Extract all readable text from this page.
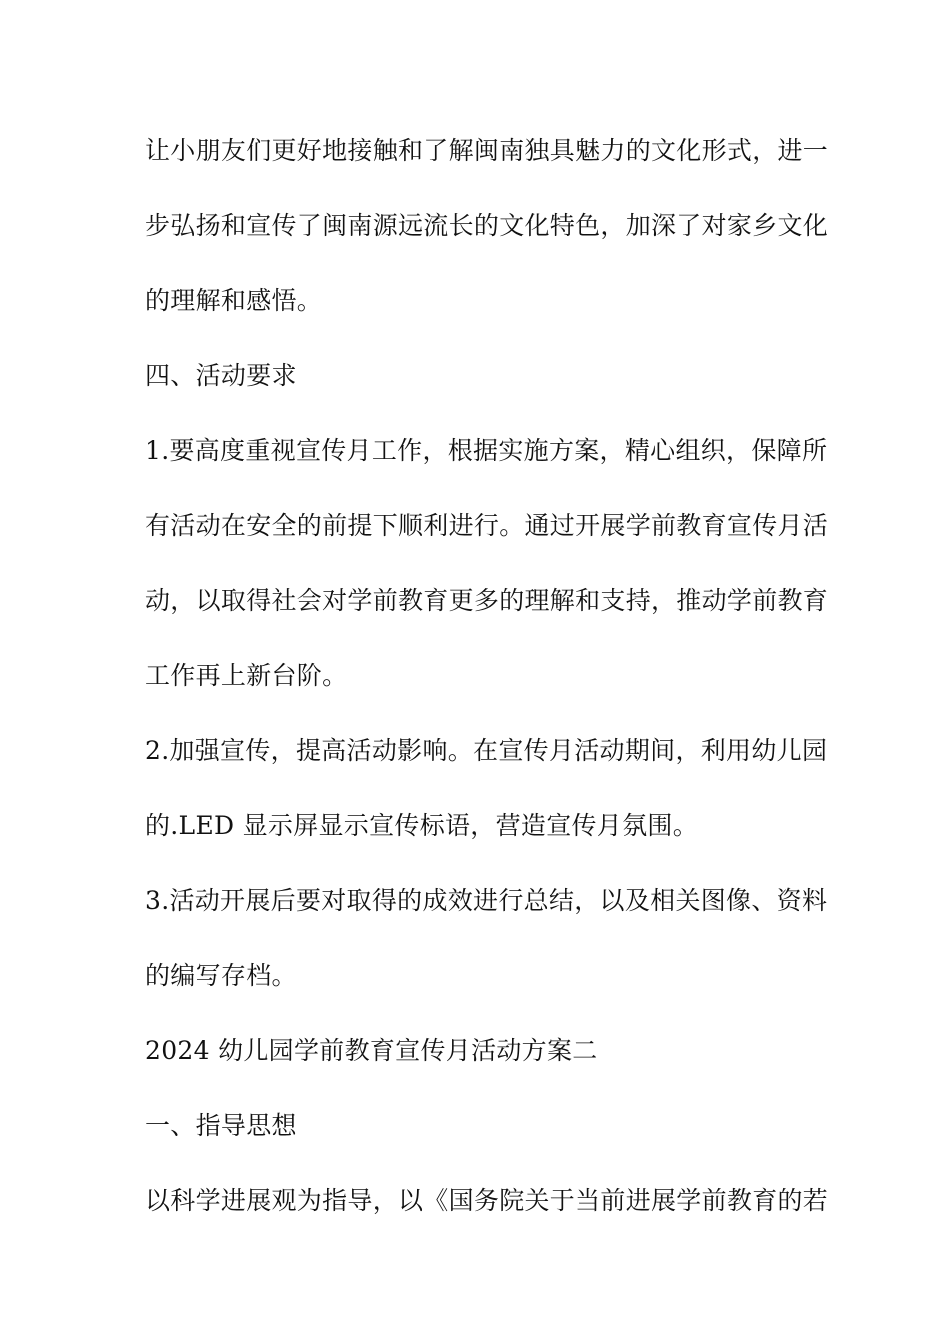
让小朋友们更好地接触和了解闽南独具魅力的文化形式，进一
步弘扬和宣传了闽南源远流长的文化特色，加深了对家乡文化
的理解和感悟。
四、活动要求
1.要高度重视宣传月工作，根据实施方案，精心组织，保障所
有活动在安全的前提下顺利进行。通过开展学前教育宣传月活
动，以取得社会对学前教育更多的理解和支持，推动学前教育
工作再上新台阶。
2.加强宣传，提高活动影响。在宣传月活动期间，利用幼儿园
的.LED 显示屏显示宣传标语，营造宣传月氛围。
3.活动开展后要对取得的成效进行总结，以及相关图像、资料
的编写存档。
2024 幼儿园学前教育宣传月活动方案二
一、指导思想
以科学进展观为指导，以《国务院关于当前进展学前教育的若
